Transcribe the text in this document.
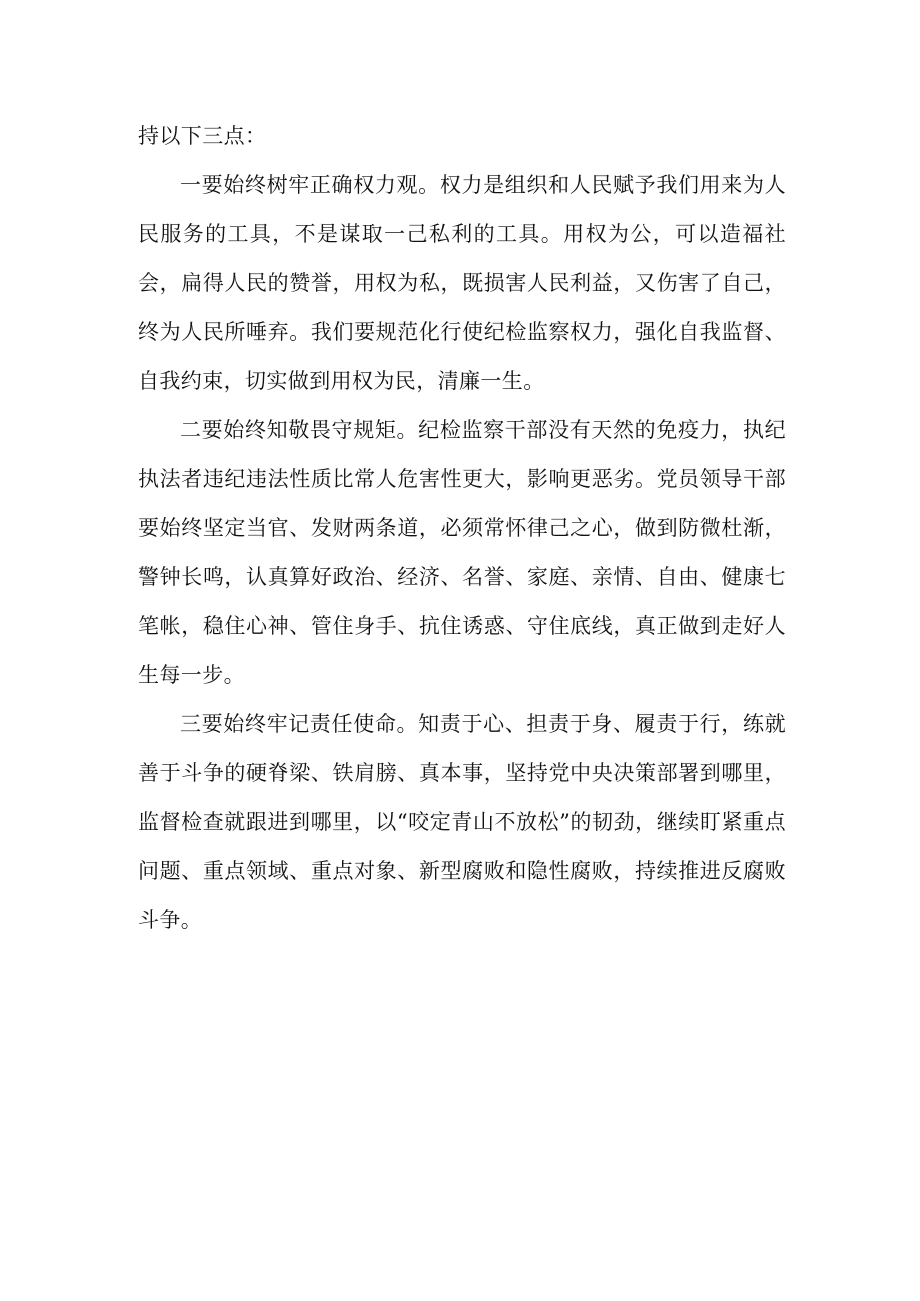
持以下三点：

一要始终树牢正确权力观。权力是组织和人民赋予我们用来为人民服务的工具，不是谋取一己私利的工具。用权为公，可以造福社会，扁得人民的赞誉，用权为私，既损害人民利益，又伤害了自己，终为人民所唾弃。我们要规范化行使纪检监察权力，强化自我监督、自我约束，切实做到用权为民，清廉一生。

二要始终知敬畏守规矩。纪检监察干部没有天然的免疫力，执纪执法者违纪违法性质比常人危害性更大，影响更恶劣。党员领导干部要始终坚定当官、发财两条道，必须常怀律己之心，做到防微杜渐，警钟长鸣，认真算好政治、经济、名誉、家庭、亲情、自由、健康七笔帐，稳住心神、管住身手、抗住诱惑、守住底线，真正做到走好人生每一步。

三要始终牢记责任使命。知责于心、担责于身、履责于行，练就善于斗争的硬脊梁、铁肩膀、真本事，坚持党中央决策部署到哪里，监督检查就跟进到哪里，以“咬定青山不放松”的韧劲，继续盯紧重点问题、重点领域、重点对象、新型腐败和隐性腐败，持续推进反腐败斗争。
